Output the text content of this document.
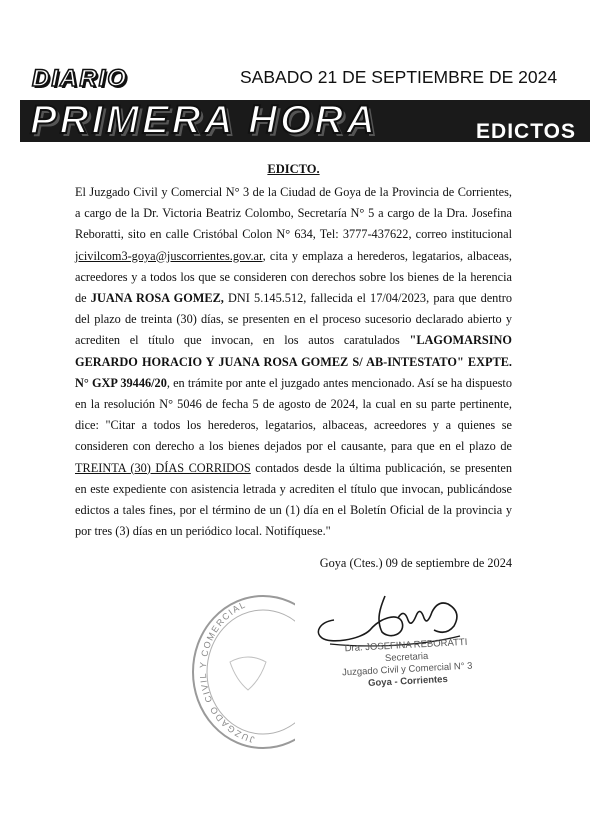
DIARIO	SABADO 21 DE SEPTIEMBRE DE 2024
PRIMERA HORA	EDICTOS
EDICTO.

El Juzgado Civil y Comercial N° 3 de la Ciudad de Goya de la Provincia de Corrientes, a cargo de la Dr. Victoria Beatriz Colombo, Secretaría N° 5 a cargo de la Dra. Josefina Reboratti, sito en calle Cristóbal Colon N° 634, Tel: 3777-437622, correo institucional jcivilcom3-goya@juscorrientes.gov.ar, cita y emplaza a herederos, legatarios, albaceas, acreedores y a todos los que se consideren con derechos sobre los bienes de la herencia de JUANA ROSA GOMEZ, DNI 5.145.512, fallecida el 17/04/2023, para que dentro del plazo de treinta (30) días, se presenten en el proceso sucesorio declarado abierto y acrediten el título que invocan, en los autos caratulados "LAGOMARSINO GERARDO HORACIO Y JUANA ROSA GOMEZ S/ AB-INTESTATO" EXPTE. N° GXP 39446/20, en trámite por ante el juzgado antes mencionado. Así se ha dispuesto en la resolución N° 5046 de fecha 5 de agosto de 2024, la cual en su parte pertinente, dice: "Citar a todos los herederos, legatarios, albaceas, acreedores y a quienes se consideren con derecho a los bienes dejados por el causante, para que en el plazo de TREINTA (30) DÍAS CORRIDOS contados desde la última publicación, se presenten en este expediente con asistencia letrada y acrediten el título que invocan, publicándose edictos a tales fines, por el término de un (1) día en el Boletín Oficial de la provincia y por tres (3) días en un periódico local. Notifíquese."

Goya (Ctes.) 09 de septiembre de 2024
JUZGADO CIVIL Y COMERCIAL
Dra. JOSEFINA REBORATTI
Secretaria
Juzgado Civil y Comercial N° 3
Goya - Corrientes
